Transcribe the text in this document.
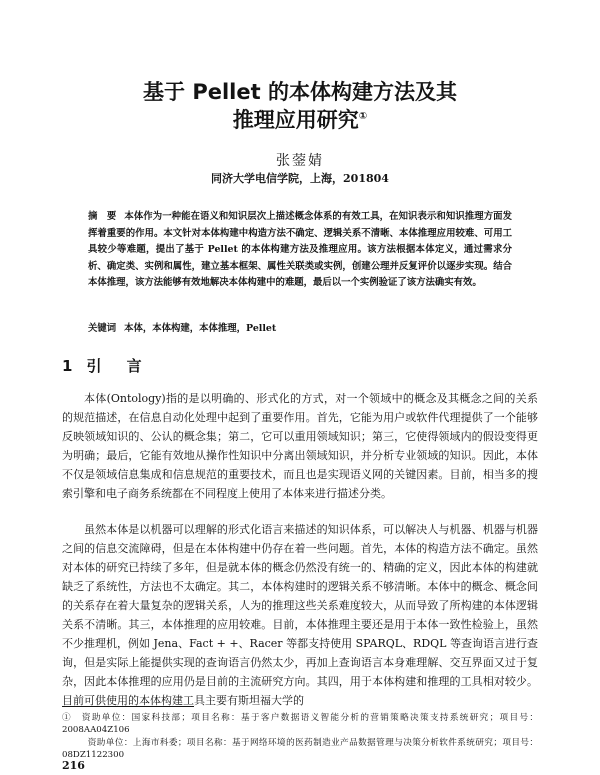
基于 Pellet 的本体构建方法及其
推理应用研究①
张蓥婧
同济大学电信学院，上海，201804

摘　要 本体作为一种能在语义和知识层次上描述概念体系的有效工具，在知识表示和知识推理方面发挥着重要的作用。本文针对本体构建中构造方法不确定、逻辑关系不清晰、本体推理应用较难、可用工具较少等难题，提出了基于 Pellet 的本体构建方法及推理应用。该方法根据本体定义，通过需求分析、确定类、实例和属性，建立基本框架、属性关联类或实例，创建公理并反复评价以逐步实现。结合本体推理，该方法能够有效地解决本体构建中的难题，最后以一个实例验证了该方法确实有效。

关键词 本体，本体构建，本体推理，Pellet

1 引 言

本体(Ontology)指的是以明确的、形式化的方式，对一个领域中的概念及其概念之间的关系的规范描述，在信息自动化处理中起到了重要作用。首先，它能为用户或软件代理提供了一个能够反映领域知识的、公认的概念集；第二，它可以重用领域知识；第三，它使得领域内的假设变得更为明确；最后，它能有效地从操作性知识中分离出领域知识，并分析专业领域的知识。因此，本体不仅是领域信息集成和信息规范的重要技术，而且也是实现语义网的关键因素。目前，相当多的搜索引擎和电子商务系统都在不同程度上使用了本体来进行描述分类。

虽然本体是以机器可以理解的形式化语言来描述的知识体系，可以解决人与机器、机器与机器之间的信息交流障碍，但是在本体构建中仍存在着一些问题。首先，本体的构造方法不确定。虽然对本体的研究已持续了多年，但是就本体的概念仍然没有统一的、精确的定义，因此本体的构建就缺乏了系统性，方法也不太确定。其二，本体构建时的逻辑关系不够清晰。本体中的概念、概念间的关系存在着大量复杂的逻辑关系，人为的推理这些关系难度较大，从而导致了所构建的本体逻辑关系不清晰。其三，本体推理的应用较难。目前，本体推理主要还是用于本体一致性检验上，虽然不少推理机，例如 Jena、Fact + +、Racer 等都支持使用 SPARQL、RDQL 等查询语言进行查询，但是实际上能提供实现的查询语言仍然太少，再加上查询语言本身难理解、交互界面又过于复杂，因此本体推理的应用仍是目前的主流研究方向。其四，用于本体构建和推理的工具相对较少。目前可供使用的本体构建工具主要有斯坦福大学的

①　资助单位：国家科技部；项目名称：基于客户数据语义智能分析的营销策略决策支持系统研究；项目号：2008AA04Z106

资助单位：上海市科委；项目名称：基于网络环境的医药制造业产品数据管理与决策分析软件系统研究；项目号：08DZ1122300

216
